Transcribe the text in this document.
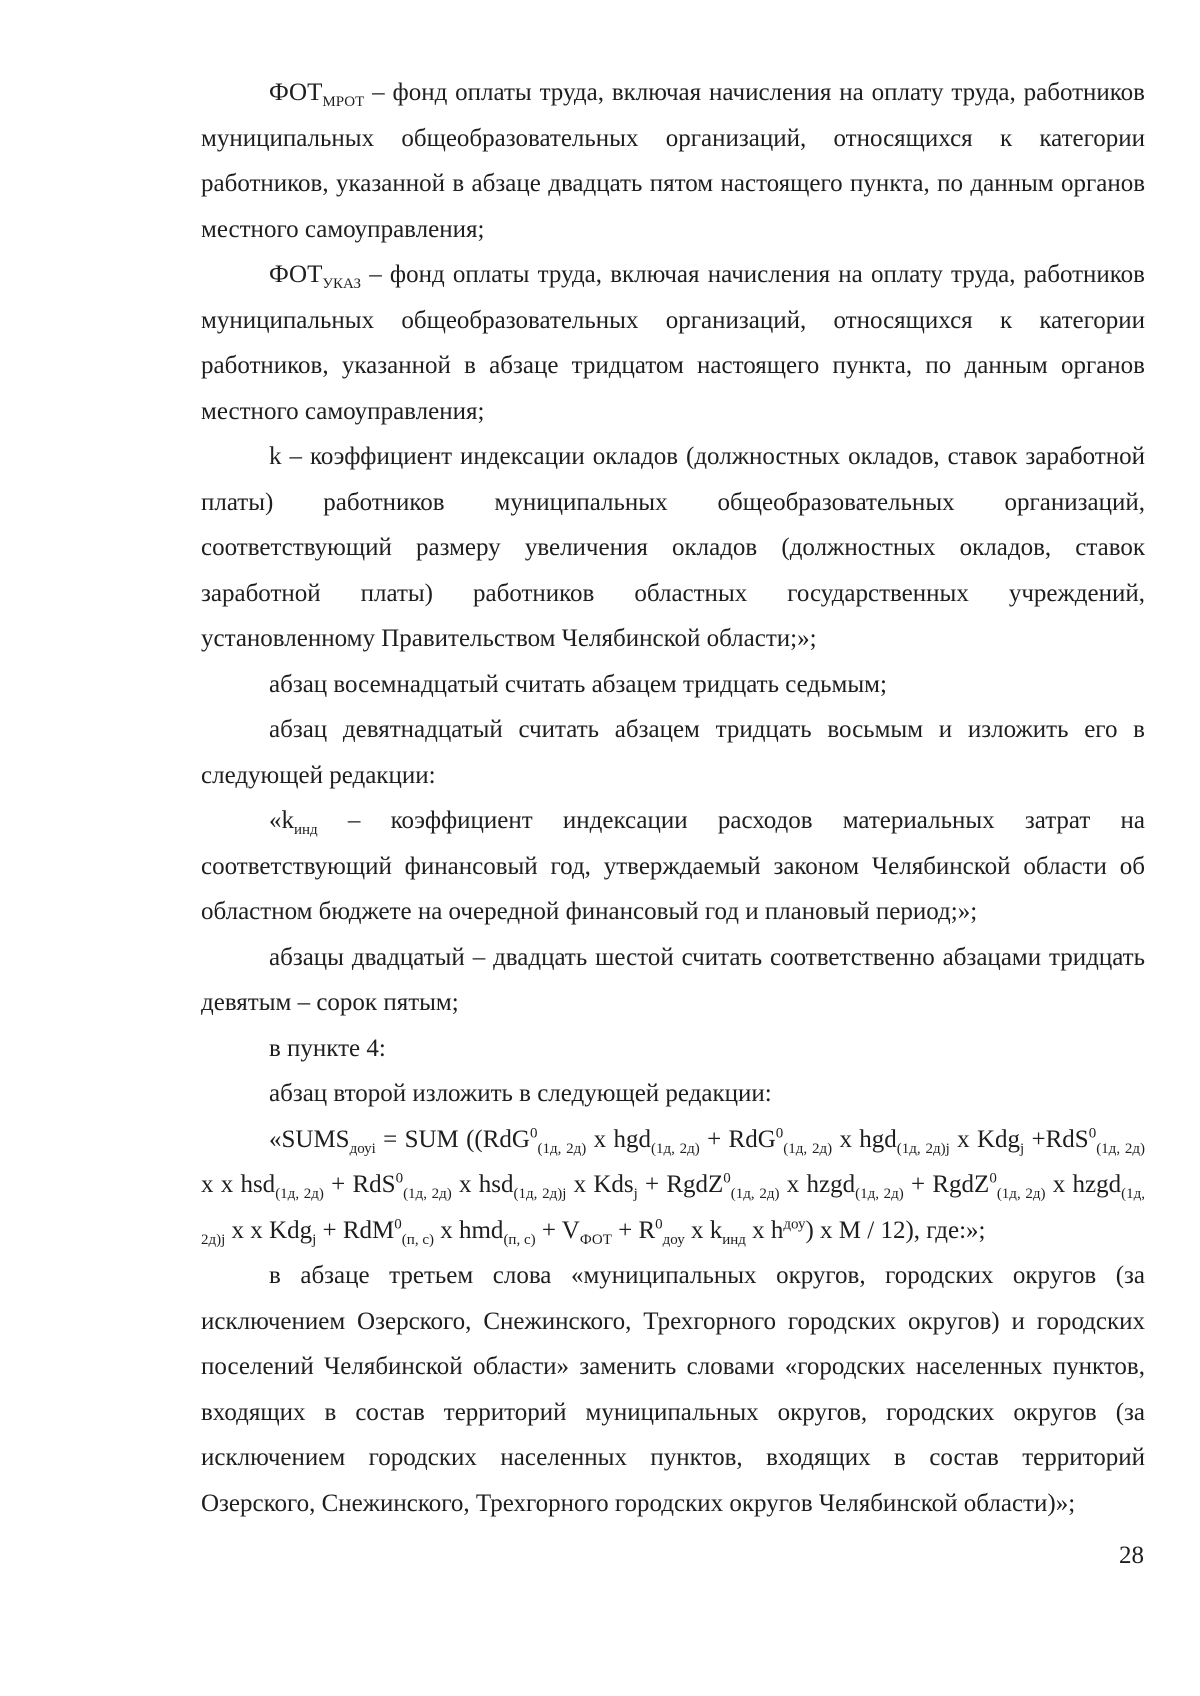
$ФОТ_{МРОТ}$ – фонд оплаты труда, включая начисления на оплату труда, работников муниципальных общеобразовательных организаций, относящихся к категории работников, указанной в абзаце двадцать пятом настоящего пункта, по данным органов местного самоуправления;

$ФОТ_{УКАЗ}$ – фонд оплаты труда, включая начисления на оплату труда, работников муниципальных общеобразовательных организаций, относящихся к категории работников, указанной в абзаце тридцатом настоящего пункта, по данным органов местного самоуправления;

k – коэффициент индексации окладов (должностных окладов, ставок заработной платы) работников муниципальных общеобразовательных организаций, соответствующий размеру увеличения окладов (должностных окладов, ставок заработной платы) работников областных государственных учреждений, установленному Правительством Челябинской области;»;

абзац восемнадцатый считать абзацем тридцать седьмым;

абзац девятнадцатый считать абзацем тридцать восьмым и изложить его в следующей редакции:

«$k_{инд}$ – коэффициент индексации расходов материальных затрат на соответствующий финансовый год, утверждаемый законом Челябинской области об областном бюджете на очередной финансовый год и плановый период;»;

абзацы двадцатый – двадцать шестой считать соответственно абзацами тридцать девятым – сорок пятым;

в пункте 4:

абзац второй изложить в следующей редакции:

«$SUMS_{доуi}$ = SUM ((RdG$^0_{(1д, 2д)}$ x hgd$_{(1д, 2д)}$ + RdG$^0_{(1д, 2д)}$ x hgd$_{(1д, 2д)j}$ x Kdg$_j$ +RdS$^0_{(1д, 2д)}$ x x hsd$_{(1д, 2д)}$ + RdS$^0_{(1д, 2д)}$ x hsd$_{(1д, 2д)j}$ x Kds$_j$ + RgdZ$^0_{(1д, 2д)}$ x hzgd$_{(1д, 2д)}$ + RgdZ$^0_{(1д, 2д)}$ x hzgd$_{(1д, 2д)j}$ x x Kdg$_j$ + RdM$^0_{(п, с)}$ x $hmd_{(п, с)} + V_{ФОТ} + R^0_{доу}$ x $k_{инд}$ x $h^{доу}$) x M / 12), где:»;

в абзаце третьем слова «муниципальных округов, городских округов (за исключением Озерского, Снежинского, Трехгорного городских округов) и городских поселений Челябинской области» заменить словами «городских населенных пунктов, входящих в состав территорий муниципальных округов, городских округов (за исключением городских населенных пунктов, входящих в состав территорий Озерского, Снежинского, Трехгорного городских округов Челябинской области)»;

28
